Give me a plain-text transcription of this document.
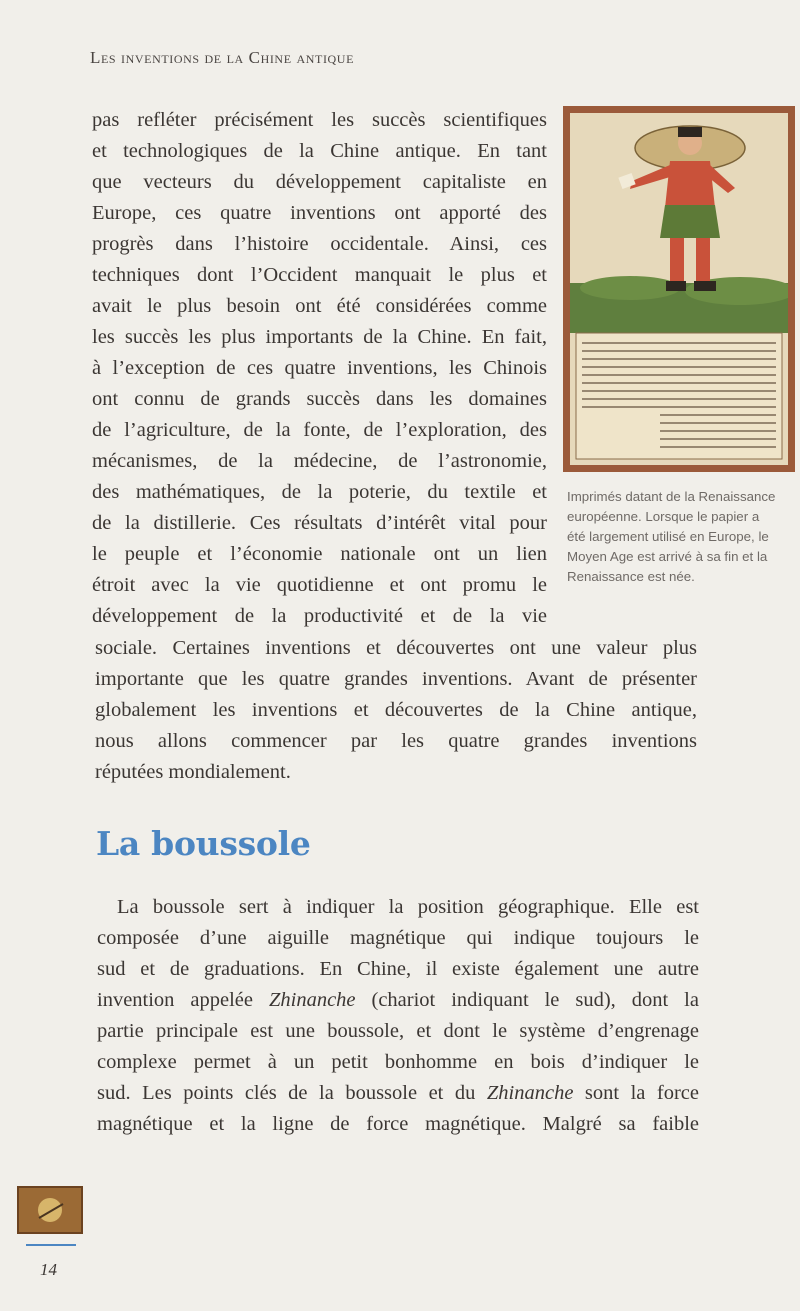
Les inventions de la Chine antique
pas refléter précisément les succès scientifiques
et technologiques de la Chine antique. En tant
que vecteurs du développement capitaliste en
Europe, ces quatre inventions ont apporté des
progrès dans l’histoire occidentale. Ainsi, ces
techniques dont l’Occident manquait le plus et
avait le plus besoin ont été considérées comme
les succès les plus importants de la Chine. En fait,
à l’exception de ces quatre inventions, les Chinois
ont connu de grands succès dans les domaines
de l’agriculture, de la fonte, de l’exploration, des
mécanismes, de la médecine, de l’astronomie,
des mathématiques, de la poterie, du textile et
de la distillerie. Ces résultats d’intérêt vital pour
le peuple et l’économie nationale ont un lien
étroit avec la vie quotidienne et ont promu le
développement de la productivité et de la vie
sociale. Certaines inventions et découvertes ont une valeur plus
importante que les quatre grandes inventions. Avant de présenter
globalement les inventions et découvertes de la Chine antique,
nous allons commencer par les quatre grandes inventions
réputées mondialement.
La boussole
La boussole sert à indiquer la position géographique. Elle est
composée d’une aiguille magnétique qui indique toujours le
sud et de graduations. En Chine, il existe également une autre
invention appelée Zhinanche (chariot indiquant le sud), dont la
partie principale est une boussole, et dont le système d’engrenage
complexe permet à un petit bonhomme en bois d’indiquer le
sud. Les points clés de la boussole et du Zhinanche sont la force
magnétique et la ligne de force magnétique. Malgré sa faible

Imprimés datant de la Renaissance
européenne. Lorsque le papier a
été largement utilisé en Europe, le
Moyen Age est arrivé à sa fin et la
Renaissance est née.

14
